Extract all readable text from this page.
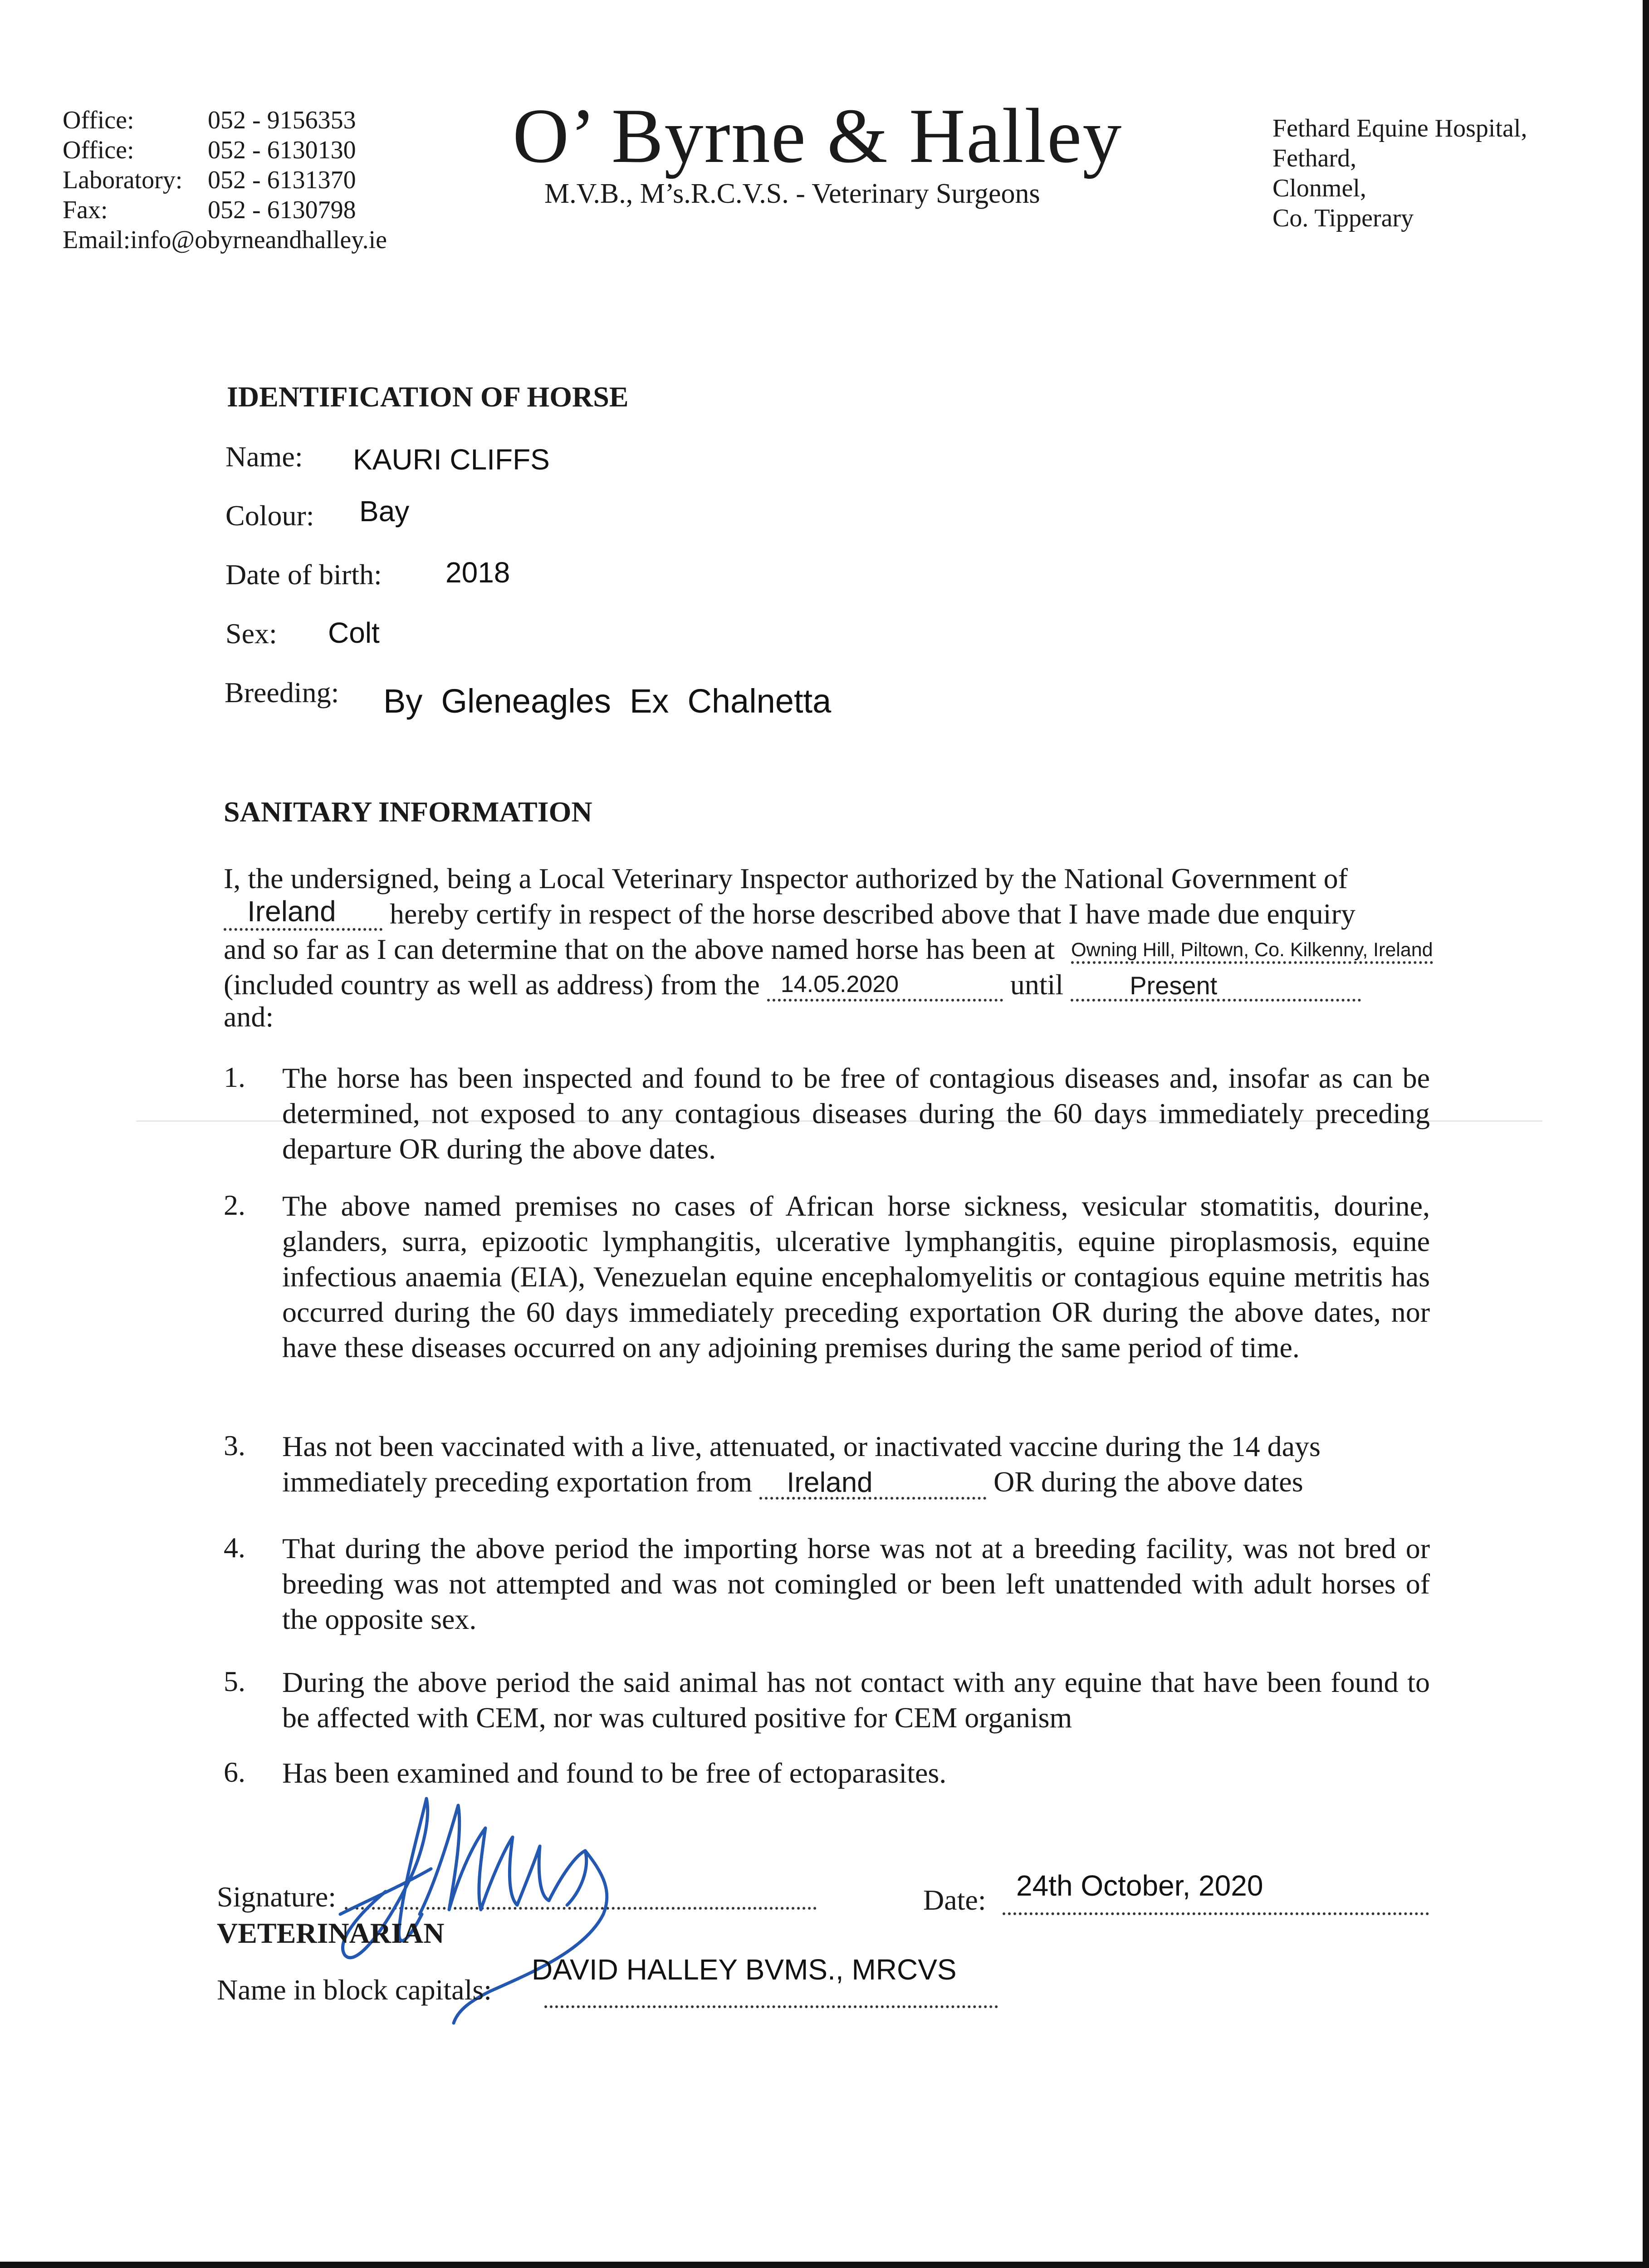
Office:	052 - 9156353
Office:	052 - 6130130
Laboratory: 052 - 6131370
Fax:	052 - 6130798
Email:info@obyrneandhalley.ie
O’ Byrne & Halley
M.V.B., M’s.R.C.V.S. - Veterinary Surgeons
Fethard Equine Hospital,
Fethard,
Clonmel,
Co. Tipperary
IDENTIFICATION OF HORSE
Name: KAURI CLIFFS
Colour: Bay
Date of birth: 2018
Sex: Colt
Breeding: By  Gleneagles  Ex  Chalnetta
SANITARY INFORMATION
I, the undersigned, being a Local Veterinary Inspector authorized by the National Government of
Ireland hereby certify in respect of the horse described above that I have made due enquiry
and so far as I can determine that on the above named horse has been at Owning Hill, Piltown, Co. Kilkenny, Ireland
(included country as well as address) from the 14.05.2020	until	Present
and:
1. The horse has been inspected and found to be free of contagious diseases and, insofar as can be determined, not exposed to any contagious diseases during the 60 days immediately preceding departure OR during the above dates.
2. The above named premises no cases of African horse sickness, vesicular stomatitis, dourine, glanders, surra, epizootic lymphangitis, ulcerative lymphangitis, equine piroplasmosis, equine infectious anaemia (EIA), Venezuelan equine encephalomyelitis or contagious equine metritis has occurred during the 60 days immediately preceding exportation OR during the above dates, nor have these diseases occurred on any adjoining premises during the same period of time.
3. Has not been vaccinated with a live, attenuated, or inactivated vaccine during the 14 days
immediately preceding exportation from Ireland	OR during the above dates
4. That during the above period the importing horse was not at a breeding facility, was not bred or breeding was not attempted and was not comingled or been left unattended with adult horses of the opposite sex.
5. During the above period the said animal has not contact with any equine that have been found to be affected with CEM, nor was cultured positive for CEM organism
6. Has been examined and found to be free of ectoparasites.
Signature:	Date: 24th October, 2020
VETERINARIAN
Name in block capitals:
DAVID HALLEY BVMS., MRCVS
